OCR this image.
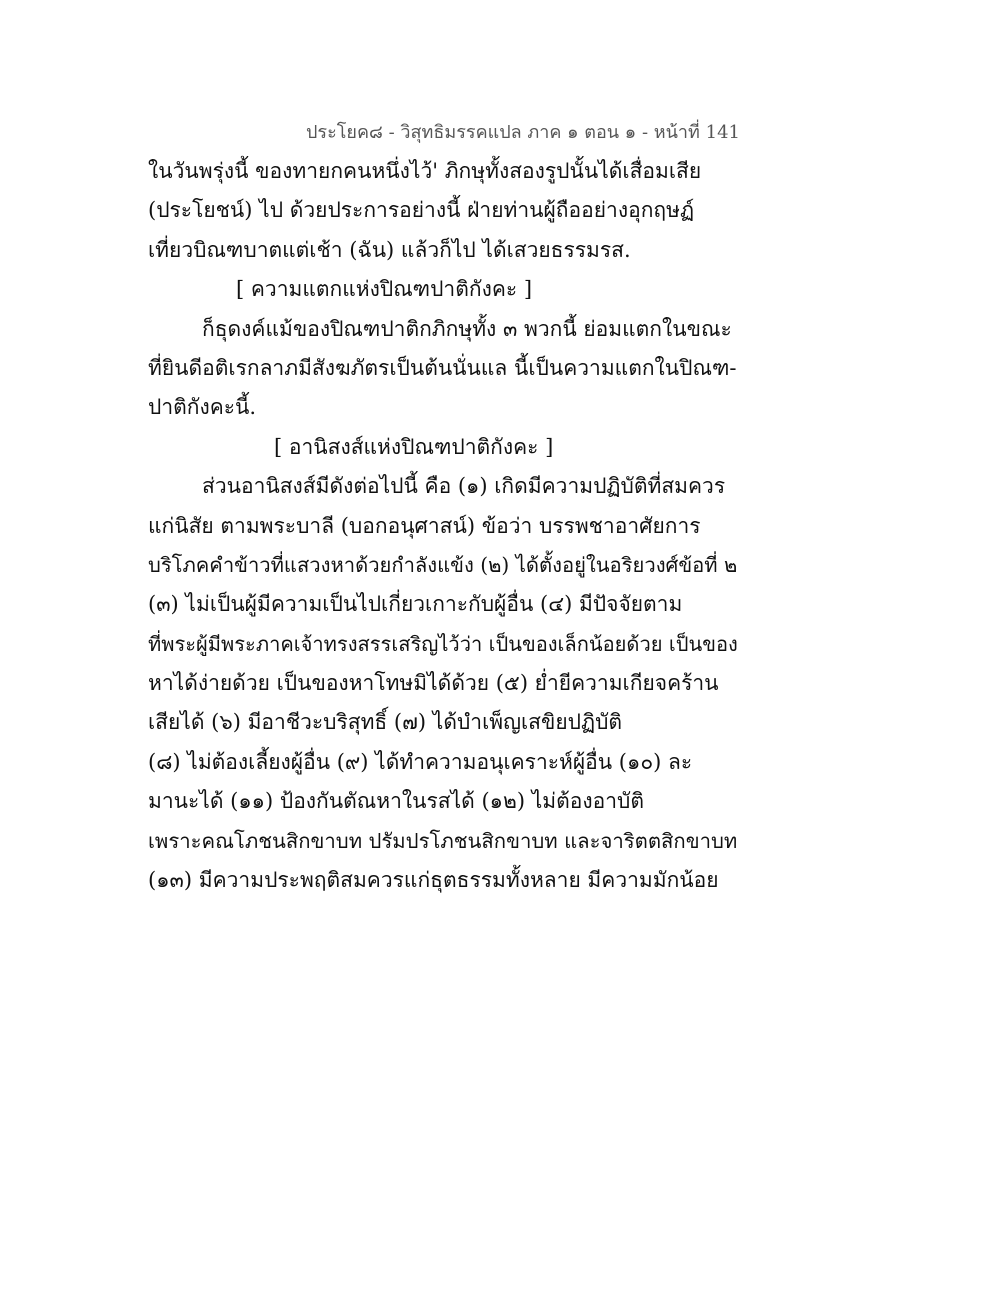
ประโยค๘ - วิสุทธิมรรคแปล ภาค ๑ ตอน ๑ - หน้าที่ 141
ในวันพรุ่งนี้ ของทายกคนหนึ่งไว้' ภิกษุทั้งสองรูปนั้นได้เสื่อมเสีย
(ประโยชน์) ไป ด้วยประการอย่างนี้ ฝ่ายท่านผู้ถืออย่างอุกฤษฏ์
เที่ยวบิณฑบาตแต่เช้า (ฉัน) แล้วก็ไป ได้เสวยธรรมรส.
[ ความแตกแห่งปิณฑปาติกังคะ ]
ก็ธุดงค์แม้ของปิณฑปาติกภิกษุทั้ง ๓ พวกนี้ ย่อมแตกในขณะ
ที่ยินดีอติเรกลาภมีสังฆภัตรเป็นต้นนั่นแล นี้เป็นความแตกในปิณฑ-
ปาติกังคะนี้.
[ อานิสงส์แห่งปิณฑปาติกังคะ ]
ส่วนอานิสงส์มีดังต่อไปนี้ คือ (๑) เกิดมีความปฏิบัติที่สมควร
แก่นิสัย ตามพระบาลี (บอกอนุศาสน์) ข้อว่า บรรพชาอาศัยการ
บริโภคคำข้าวที่แสวงหาด้วยกำลังแข้ง (๒) ได้ตั้งอยู่ในอริยวงศ์ข้อที่ ๒
(๓) ไม่เป็นผู้มีความเป็นไปเกี่ยวเกาะกับผู้อื่น (๔) มีปัจจัยตาม
ที่พระผู้มีพระภาคเจ้าทรงสรรเสริญไว้ว่า เป็นของเล็กน้อยด้วย เป็นของ
หาได้ง่ายด้วย เป็นของหาโทษมิได้ด้วย (๕) ย่ำยีความเกียจคร้าน
เสียได้ (๖) มีอาชีวะบริสุทธิ์ (๗) ได้บำเพ็ญเสขิยปฏิบัติ
(๘) ไม่ต้องเลี้ยงผู้อื่น (๙) ได้ทำความอนุเคราะห์ผู้อื่น (๑๐) ละ
มานะได้ (๑๑) ป้องกันตัณหาในรสได้ (๑๒) ไม่ต้องอาบัติ
เพราะคณโภชนสิกขาบท ปรัมปรโภชนสิกขาบท และจาริตตสิกขาบท
(๑๓) มีความประพฤติสมควรแก่ธุตธรรมทั้งหลาย มีความมักน้อย
